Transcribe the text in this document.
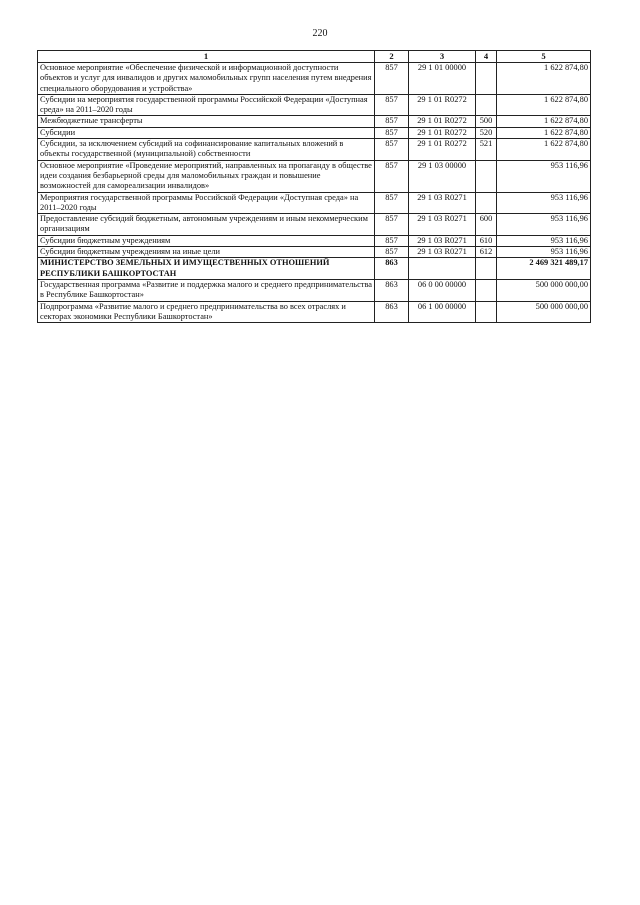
220
1	2	3	4	5
Основное мероприятие «Обеспечение физической и информационной доступности объектов и услуг для инвалидов и других маломобильных групп населения путем внедрения специального оборудования и устройства»	857	29 1 01 00000		1 622 874,80
Субсидии на мероприятия государственной программы Российской Федерации «Доступная среда» на 2011–2020 годы	857	29 1 01 R0272		1 622 874,80
Межбюджетные трансферты	857	29 1 01 R0272	500	1 622 874,80
Субсидии	857	29 1 01 R0272	520	1 622 874,80
Субсидии, за исключением субсидий на софинансирование капитальных вложений в объекты государственной (муниципальной) собственности	857	29 1 01 R0272	521	1 622 874,80
Основное мероприятие «Проведение мероприятий, направленных на пропаганду в обществе идеи создания безбарьерной среды для маломобильных граждан и повышение возможностей для самореализации инвалидов»	857	29 1 03 00000		953 116,96
Мероприятия государственной программы Российской Федерации «Доступная среда» на 2011–2020 годы	857	29 1 03 R0271		953 116,96
Предоставление субсидий бюджетным, автономным учреждениям и иным некоммерческим организациям	857	29 1 03 R0271	600	953 116,96
Субсидии бюджетным учреждениям	857	29 1 03 R0271	610	953 116,96
Субсидии бюджетным учреждениям на иные цели	857	29 1 03 R0271	612	953 116,96
МИНИСТЕРСТВО ЗЕМЕЛЬНЫХ И ИМУЩЕСТВЕННЫХ ОТНОШЕНИЙ РЕСПУБЛИКИ БАШКОРТОСТАН	863			2 469 321 489,17
Государственная программа «Развитие и поддержка малого и среднего предпринимательства в Республике Башкортостан»	863	06 0 00 00000		500 000 000,00
Подпрограмма «Развитие малого и среднего предпринимательства во всех отраслях и секторах экономики Республики Башкортостан»	863	06 1 00 00000		500 000 000,00
